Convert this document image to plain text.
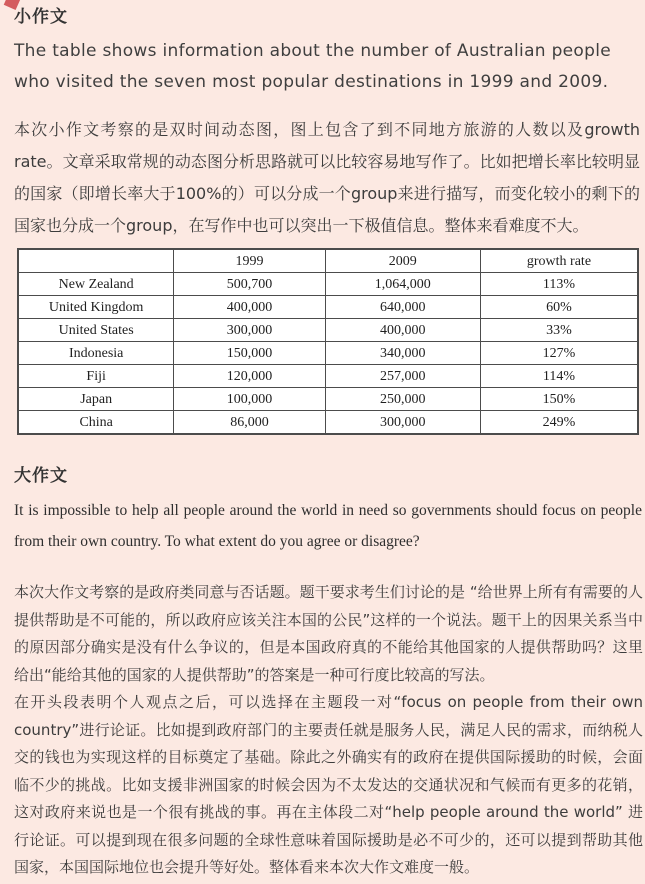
小作文

The table shows information about the number of Australian people who visited the seven most popular destinations in 1999 and 2009.

本次小作文考察的是双时间动态图，图上包含了到不同地方旅游的人数以及growth rate。文章采取常规的动态图分析思路就可以比较容易地写作了。比如把增长率比较明显的国家（即增长率大于100%的）可以分成一个group来进行描写，而变化较小的剩下的国家也分成一个group，在写作中也可以突出一下极值信息。整体来看难度不大。

	1999	2009	growth rate
New Zealand	500,700	1,064,000	113%
United Kingdom	400,000	640,000	60%
United States	300,000	400,000	33%
Indonesia	150,000	340,000	127%
Fiji	120,000	257,000	114%
Japan	100,000	250,000	150%
China	86,000	300,000	249%
大作文

It is impossible to help all people around the world in need so governments should focus on people from their own country. To what extent do you agree or disagree?

本次大作文考察的是政府类同意与否话题。题干要求考生们讨论的是 “给世界上所有有需要的人提供帮助是不可能的，所以政府应该关注本国的公民”这样的一个说法。题干上的因果关系当中的原因部分确实是没有什么争议的，但是本国政府真的不能给其他国家的人提供帮助吗？这里给出“能给其他的国家的人提供帮助”的答案是一种可行度比较高的写法。

在开头段表明个人观点之后，可以选择在主题段一对“focus on people from their own country”进行论证。比如提到政府部门的主要责任就是服务人民，满足人民的需求，而纳税人交的钱也为实现这样的目标奠定了基础。除此之外确实有的政府在提供国际援助的时候，会面临不少的挑战。比如支援非洲国家的时候会因为不太发达的交通状况和气候而有更多的花销，这对政府来说也是一个很有挑战的事。再在主体段二对“help people around the world” 进行论证。可以提到现在很多问题的全球性意味着国际援助是必不可少的，还可以提到帮助其他国家，本国国际地位也会提升等好处。整体看来本次大作文难度一般。
